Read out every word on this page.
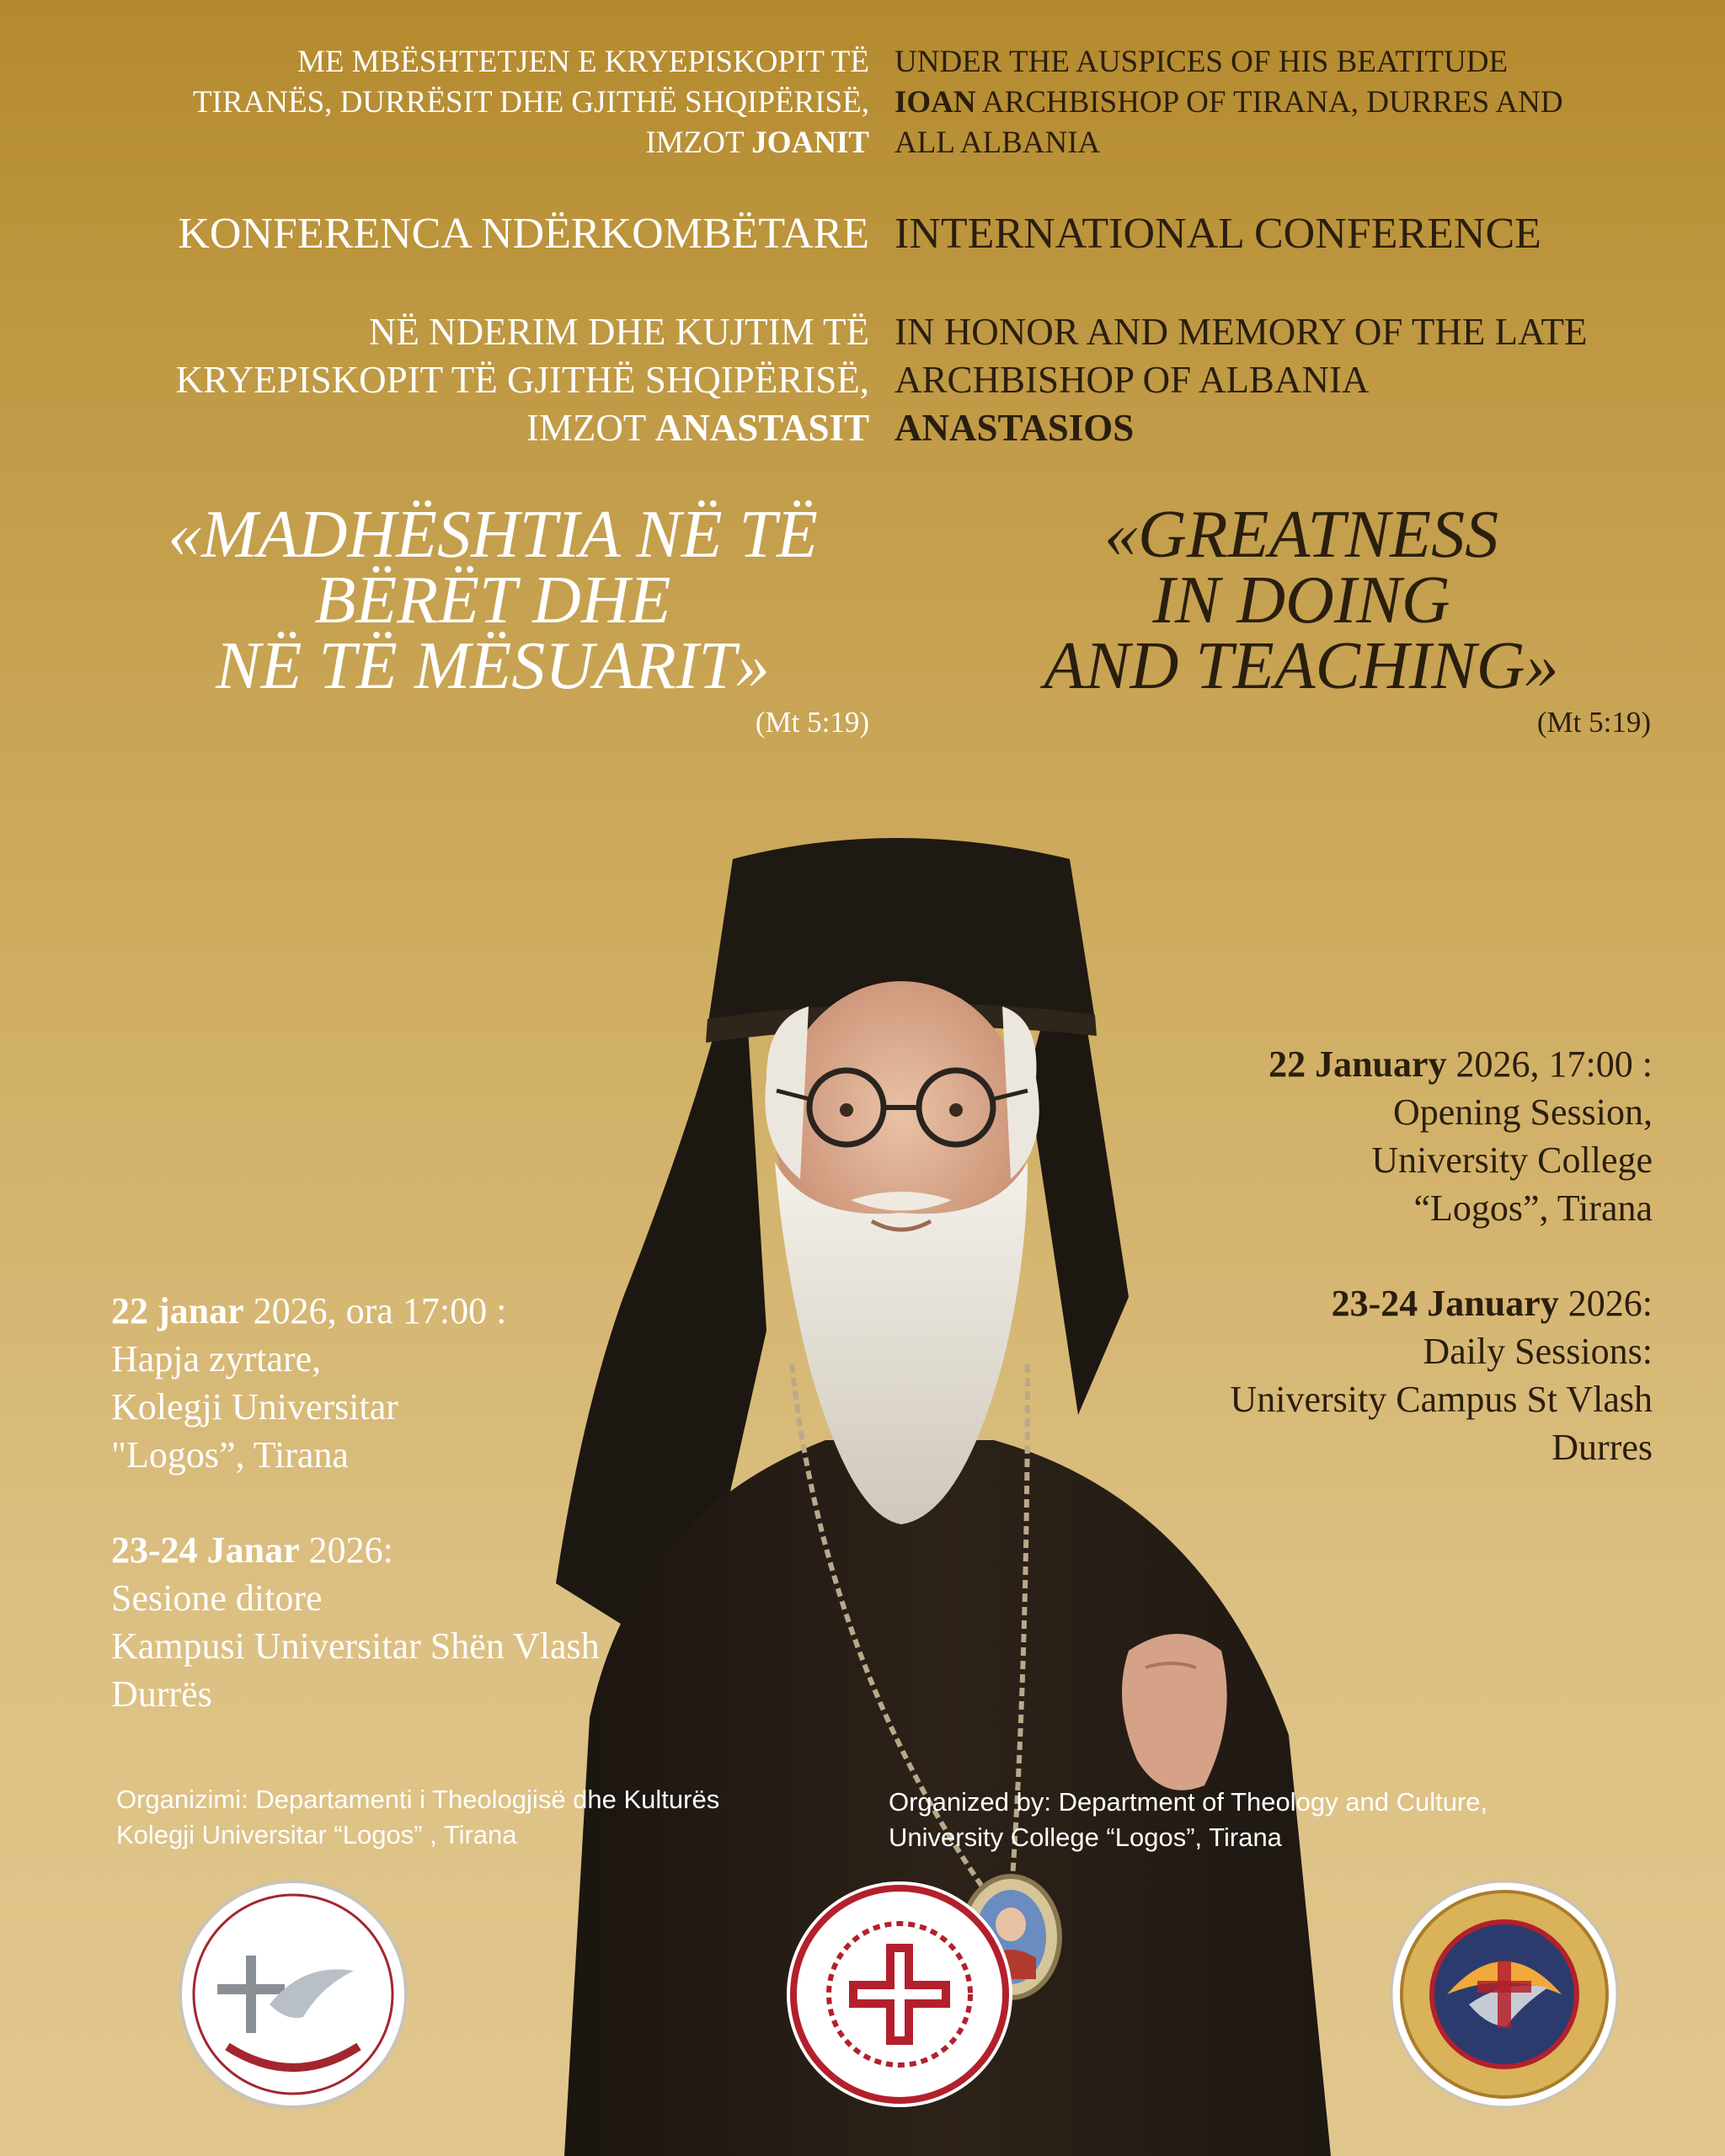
ME MBËSHTETJEN E KRYEPISKOPIT TË
TIRANËS, DURRËSIT DHE GJITHË SHQIPËRISË,
IMZOT JOANIT
UNDER THE AUSPICES OF HIS BEATITUDE
IOAN ARCHBISHOP OF TIRANA, DURRES AND
ALL ALBANIA
KONFERENCA NDËRKOMBËTARE INTERNATIONAL CONFERENCE
NË NDERIM DHE KUJTIM TË
KRYEPISKOPIT TË GJITHË SHQIPËRISË,
IMZOT ANASTASIT
IN HONOR AND MEMORY OF THE LATE
ARCHBISHOP OF ALBANIA
ANASTASIOS
«MADHËSHTIA NË TË
BËRËT DHE
NË TË MËSUARIT»
(Mt 5:19)
«GREATNESS
IN DOING
AND TEACHING»
(Mt 5:19)
22 January 2026, 17:00 :
Opening Session,
University College
“Logos”, Tirana
23-24 January 2026:
Daily Sessions:
University Campus St Vlash
Durres
22 janar 2026, ora 17:00 :
Hapja zyrtare,
Kolegji Universitar
"Logos”, Tirana
23-24 Janar 2026:
Sesione ditore
Kampusi Universitar Shën Vlash
Durrës
Organizimi: Departamenti i Theologjisë dhe Kulturës
Kolegji Universitar “Logos” , Tirana
Organized by: Department of Theology and Culture,
University College “Logos”, Tirana
